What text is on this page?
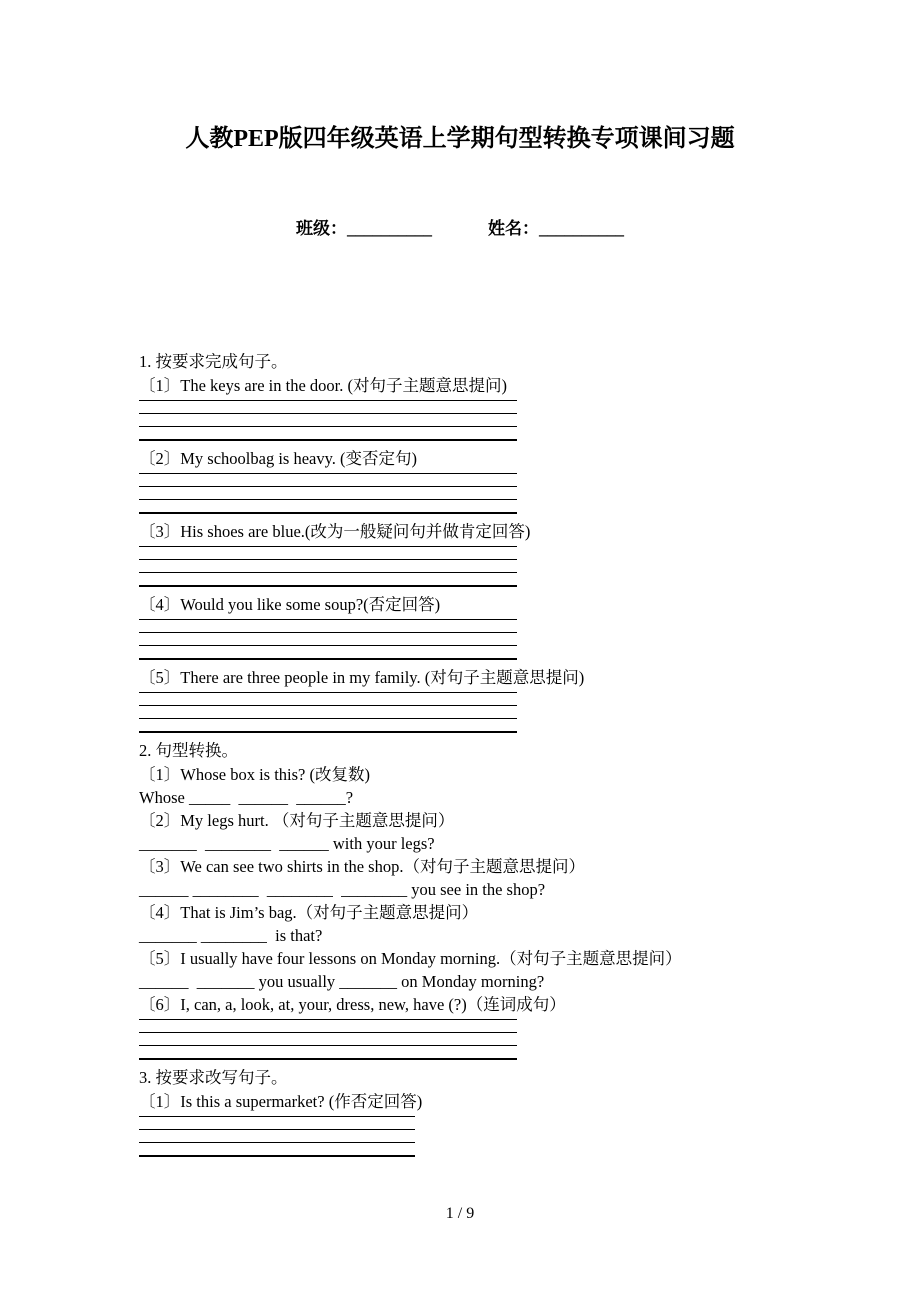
人教PEP版四年级英语上学期句型转换专项课间习题
班级：__________	姓名：__________
1. 按要求完成句子。
〔1〕The keys are in the door. (对句子主题意思提问)
〔2〕My schoolbag is heavy. (变否定句)
〔3〕His shoes are blue.(改为一般疑问句并做肯定回答)
〔4〕Would you like some soup?(否定回答)
〔5〕There are three people in my family. (对句子主题意思提问)
2. 句型转换。
〔1〕Whose box is this? (改复数)
Whose _____  ______  ______?
〔2〕My legs hurt. （对句子主题意思提问）
_______  ________  ______ with your legs?
〔3〕We can see two shirts in the shop.（对句子主题意思提问）
______ ________  ________  ________ you see in the shop?
〔4〕That is Jim’s bag.（对句子主题意思提问）
_______ ________  is that?
〔5〕I usually have four lessons on Monday morning.（对句子主题意思提问）
______  _______ you usually _______ on Monday morning?
〔6〕I, can, a, look, at, your, dress, new, have (?)（连词成句）
3. 按要求改写句子。
〔1〕Is this a supermarket? (作否定回答)
1 / 9
